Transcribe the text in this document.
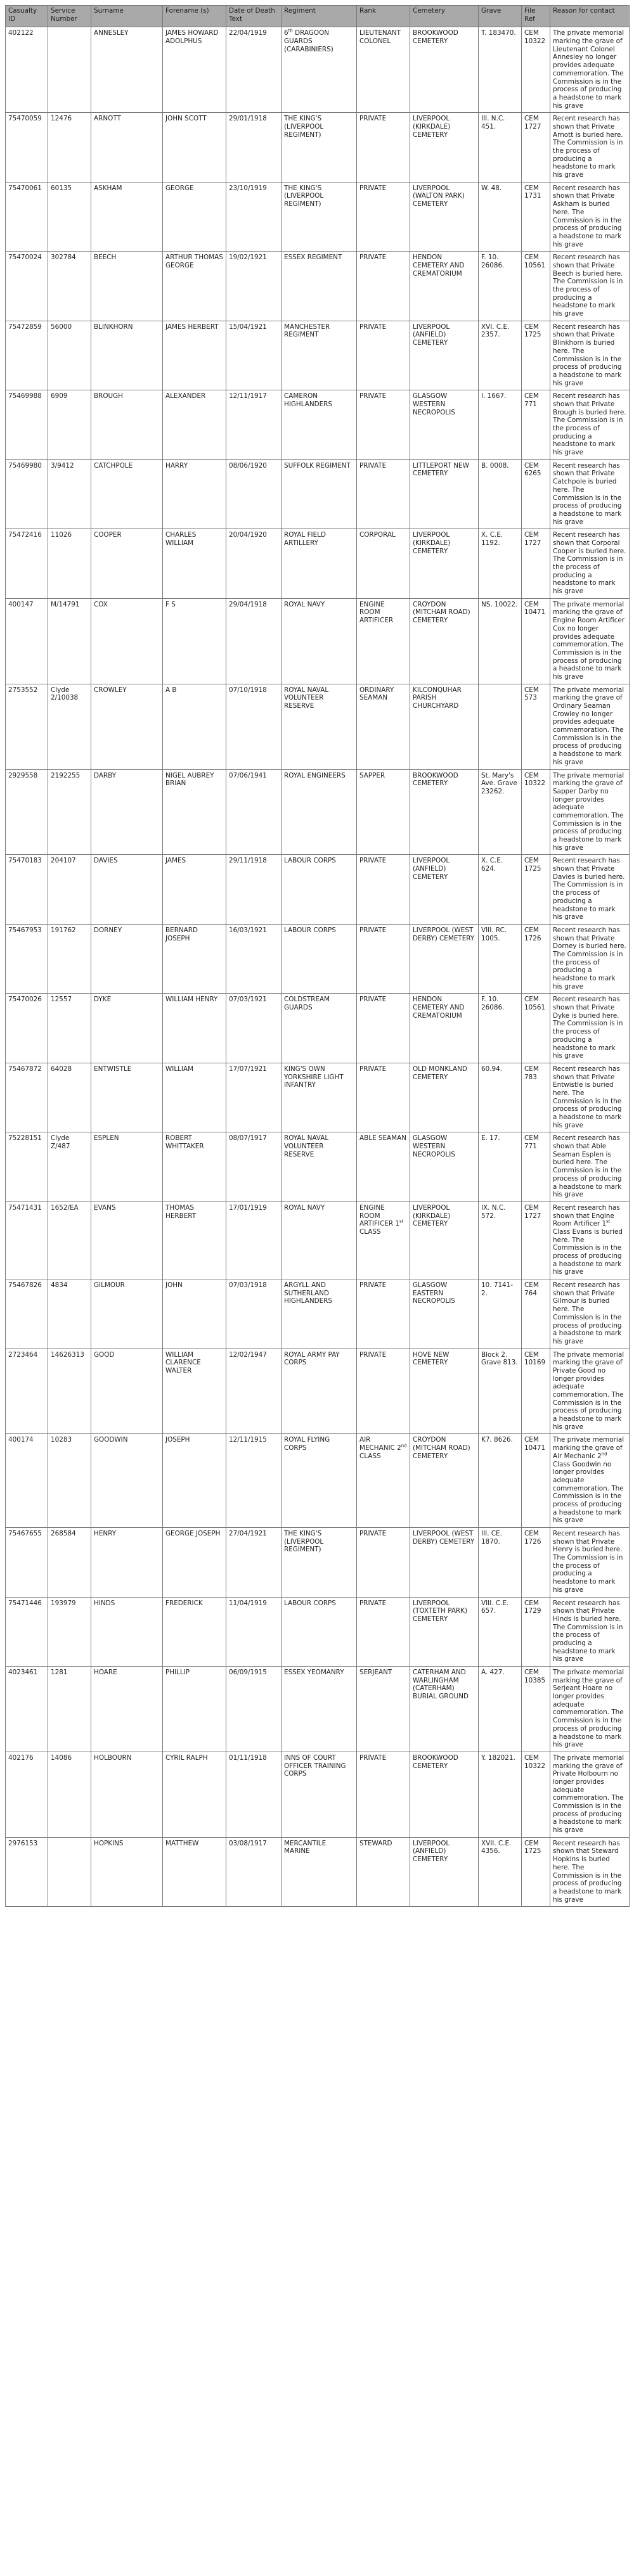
Casualty ID	Service Number	Surname	Forename (s)	Date of Death Text	Regiment	Rank	Cemetery	Grave	File Ref	Reason for contact
402122		ANNESLEY	JAMES HOWARD ADOLPHUS	22/04/1919	6th DRAGOON GUARDS (CARABINIERS)	LIEUTENANT COLONEL	BROOKWOOD CEMETERY	T. 183470.	CEM 10322	The private memorial marking the grave of Lieutenant Colonel Annesley no longer provides adequate commemoration. The Commission is in the process of producing a headstone to mark his grave
75470059	12476	ARNOTT	JOHN SCOTT	29/01/1918	THE KING'S (LIVERPOOL REGIMENT)	PRIVATE	LIVERPOOL (KIRKDALE) CEMETERY	III. N.C. 451.	CEM 1727	Recent research has shown that Private Arnott is buried here. The Commission is in the process of producing a headstone to mark his grave
75470061	60135	ASKHAM	GEORGE	23/10/1919	THE KING'S (LIVERPOOL REGIMENT)	PRIVATE	LIVERPOOL (WALTON PARK) CEMETERY	W. 48.	CEM 1731	Recent research has shown that Private Askham is buried here. The Commission is in the process of producing a headstone to mark his grave
75470024	302784	BEECH	ARTHUR THOMAS GEORGE	19/02/1921	ESSEX REGIMENT	PRIVATE	HENDON CEMETERY AND CREMATORIUM	F. 10. 26086.	CEM 10561	Recent research has shown that Private Beech is buried here. The Commission is in the process of producing a headstone to mark his grave
75472859	56000	BLINKHORN	JAMES HERBERT	15/04/1921	MANCHESTER REGIMENT	PRIVATE	LIVERPOOL (ANFIELD) CEMETERY	XVI. C.E. 2357.	CEM 1725	Recent research has shown that Private Blinkhorn is buried here. The Commission is in the process of producing a headstone to mark his grave
75469988	6909	BROUGH	ALEXANDER	12/11/1917	CAMERON HIGHLANDERS	PRIVATE	GLASGOW WESTERN NECROPOLIS	I. 1667.	CEM 771	Recent research has shown that Private Brough is buried here. The Commission is in the process of producing a headstone to mark his grave
75469980	3/9412	CATCHPOLE	HARRY	08/06/1920	SUFFOLK REGIMENT	PRIVATE	LITTLEPORT NEW CEMETERY	B. 0008.	CEM 6265	Recent research has shown that Private Catchpole is buried here. The Commission is in the process of producing a headstone to mark his grave
75472416	11026	COOPER	CHARLES WILLIAM	20/04/1920	ROYAL FIELD ARTILLERY	CORPORAL	LIVERPOOL (KIRKDALE) CEMETERY	X. C.E. 1192.	CEM 1727	Recent research has shown that Corporal Cooper is buried here. The Commission is in the process of producing a headstone to mark his grave
400147	M/14791	COX	F S	29/04/1918	ROYAL NAVY	ENGINE ROOM ARTIFICER	CROYDON (MITCHAM ROAD) CEMETERY	NS. 10022.	CEM 10471	The private memorial marking the grave of Engine Room Artificer Cox no longer provides adequate commemoration. The Commission is in the process of producing a headstone to mark his grave
2753552	Clyde 2/10038	CROWLEY	A B	07/10/1918	ROYAL NAVAL VOLUNTEER RESERVE	ORDINARY SEAMAN	KILCONQUHAR PARISH CHURCHYARD		CEM 573	The private memorial marking the grave of Ordinary Seaman Crowley no longer provides adequate commemoration. The Commission is in the process of producing a headstone to mark his grave
2929558	2192255	DARBY	NIGEL AUBREY BRIAN	07/06/1941	ROYAL ENGINEERS	SAPPER	BROOKWOOD CEMETERY	St. Mary's Ave. Grave 23262.	CEM 10322	The private memorial marking the grave of Sapper Darby no longer provides adequate commemoration. The Commission is in the process of producing a headstone to mark his grave
75470183	204107	DAVIES	JAMES	29/11/1918	LABOUR CORPS	PRIVATE	LIVERPOOL (ANFIELD) CEMETERY	X. C.E. 624.	CEM 1725	Recent research has shown that Private Davies is buried here. The Commission is in the process of producing a headstone to mark his grave
75467953	191762	DORNEY	BERNARD JOSEPH	16/03/1921	LABOUR CORPS	PRIVATE	LIVERPOOL (WEST DERBY) CEMETERY	VIII. RC. 1005.	CEM 1726	Recent research has shown that Private Dorney is buried here. The Commission is in the process of producing a headstone to mark his grave
75470026	12557	DYKE	WILLIAM HENRY	07/03/1921	COLDSTREAM GUARDS	PRIVATE	HENDON CEMETERY AND CREMATORIUM	F. 10. 26086.	CEM 10561	Recent research has shown that Private Dyke is buried here. The Commission is in the process of producing a headstone to mark his grave
75467872	64028	ENTWISTLE	WILLIAM	17/07/1921	KING'S OWN YORKSHIRE LIGHT INFANTRY	PRIVATE	OLD MONKLAND CEMETERY	60.94.	CEM 783	Recent research has shown that Private Entwistle is buried here. The Commission is in the process of producing a headstone to mark his grave
75228151	Clyde Z/487	ESPLEN	ROBERT WHITTAKER	08/07/1917	ROYAL NAVAL VOLUNTEER RESERVE	ABLE SEAMAN	GLASGOW WESTERN NECROPOLIS	E. 17.	CEM 771	Recent research has shown that Able Seaman Esplen is buried here. The Commission is in the process of producing a headstone to mark his grave
75471431	1652/EA	EVANS	THOMAS HERBERT	17/01/1919	ROYAL NAVY	ENGINE ROOM ARTIFICER 1st CLASS	LIVERPOOL (KIRKDALE) CEMETERY	IX. N.C. 572.	CEM 1727	Recent research has shown that Engine Room Artificer 1st Class Evans is buried here. The Commission is in the process of producing a headstone to mark his grave
75467826	4834	GILMOUR	JOHN	07/03/1918	ARGYLL AND SUTHERLAND HIGHLANDERS	PRIVATE	GLASGOW EASTERN NECROPOLIS	10. 7141-2.	CEM 764	Recent research has shown that Private Gilmour is buried here. The Commission is in the process of producing a headstone to mark his grave
2723464	14626313	GOOD	WILLIAM CLARENCE WALTER	12/02/1947	ROYAL ARMY PAY CORPS	PRIVATE	HOVE NEW CEMETERY	Block 2. Grave 813.	CEM 10169	The private memorial marking the grave of Private Good no longer provides adequate commemoration. The Commission is in the process of producing a headstone to mark his grave
400174	10283	GOODWIN	JOSEPH	12/11/1915	ROYAL FLYING CORPS	AIR MECHANIC 2nd CLASS	CROYDON (MITCHAM ROAD) CEMETERY	K7. 8626.	CEM 10471	The private memorial marking the grave of Air Mechanic 2nd Class Goodwin no longer provides adequate commemoration. The Commission is in the process of producing a headstone to mark his grave
75467655	268584	HENRY	GEORGE JOSEPH	27/04/1921	THE KING'S (LIVERPOOL REGIMENT)	PRIVATE	LIVERPOOL (WEST DERBY) CEMETERY	III. CE. 1870.	CEM 1726	Recent research has shown that Private Henry is buried here. The Commission is in the process of producing a headstone to mark his grave
75471446	193979	HINDS	FREDERICK	11/04/1919	LABOUR CORPS	PRIVATE	LIVERPOOL (TOXTETH PARK) CEMETERY	VIII. C.E. 657.	CEM 1729	Recent research has shown that Private Hinds is buried here. The Commission is in the process of producing a headstone to mark his grave
4023461	1281	HOARE	PHILLIP	06/09/1915	ESSEX YEOMANRY	SERJEANT	CATERHAM AND WARLINGHAM (CATERHAM) BURIAL GROUND	A. 427.	CEM 10385	The private memorial marking the grave of Serjeant Hoare no longer provides adequate commemoration. The Commission is in the process of producing a headstone to mark his grave
402176	14086	HOLBOURN	CYRIL RALPH	01/11/1918	INNS OF COURT OFFICER TRAINING CORPS	PRIVATE	BROOKWOOD CEMETERY	Y. 182021.	CEM 10322	The private memorial marking the grave of Private Holbourn no longer provides adequate commemoration. The Commission is in the process of producing a headstone to mark his grave
2976153		HOPKINS	MATTHEW	03/08/1917	MERCANTILE MARINE	STEWARD	LIVERPOOL (ANFIELD) CEMETERY	XVII. C.E. 4356.	CEM 1725	Recent research has shown that Steward Hopkins is buried here. The Commission is in the process of producing a headstone to mark his grave
